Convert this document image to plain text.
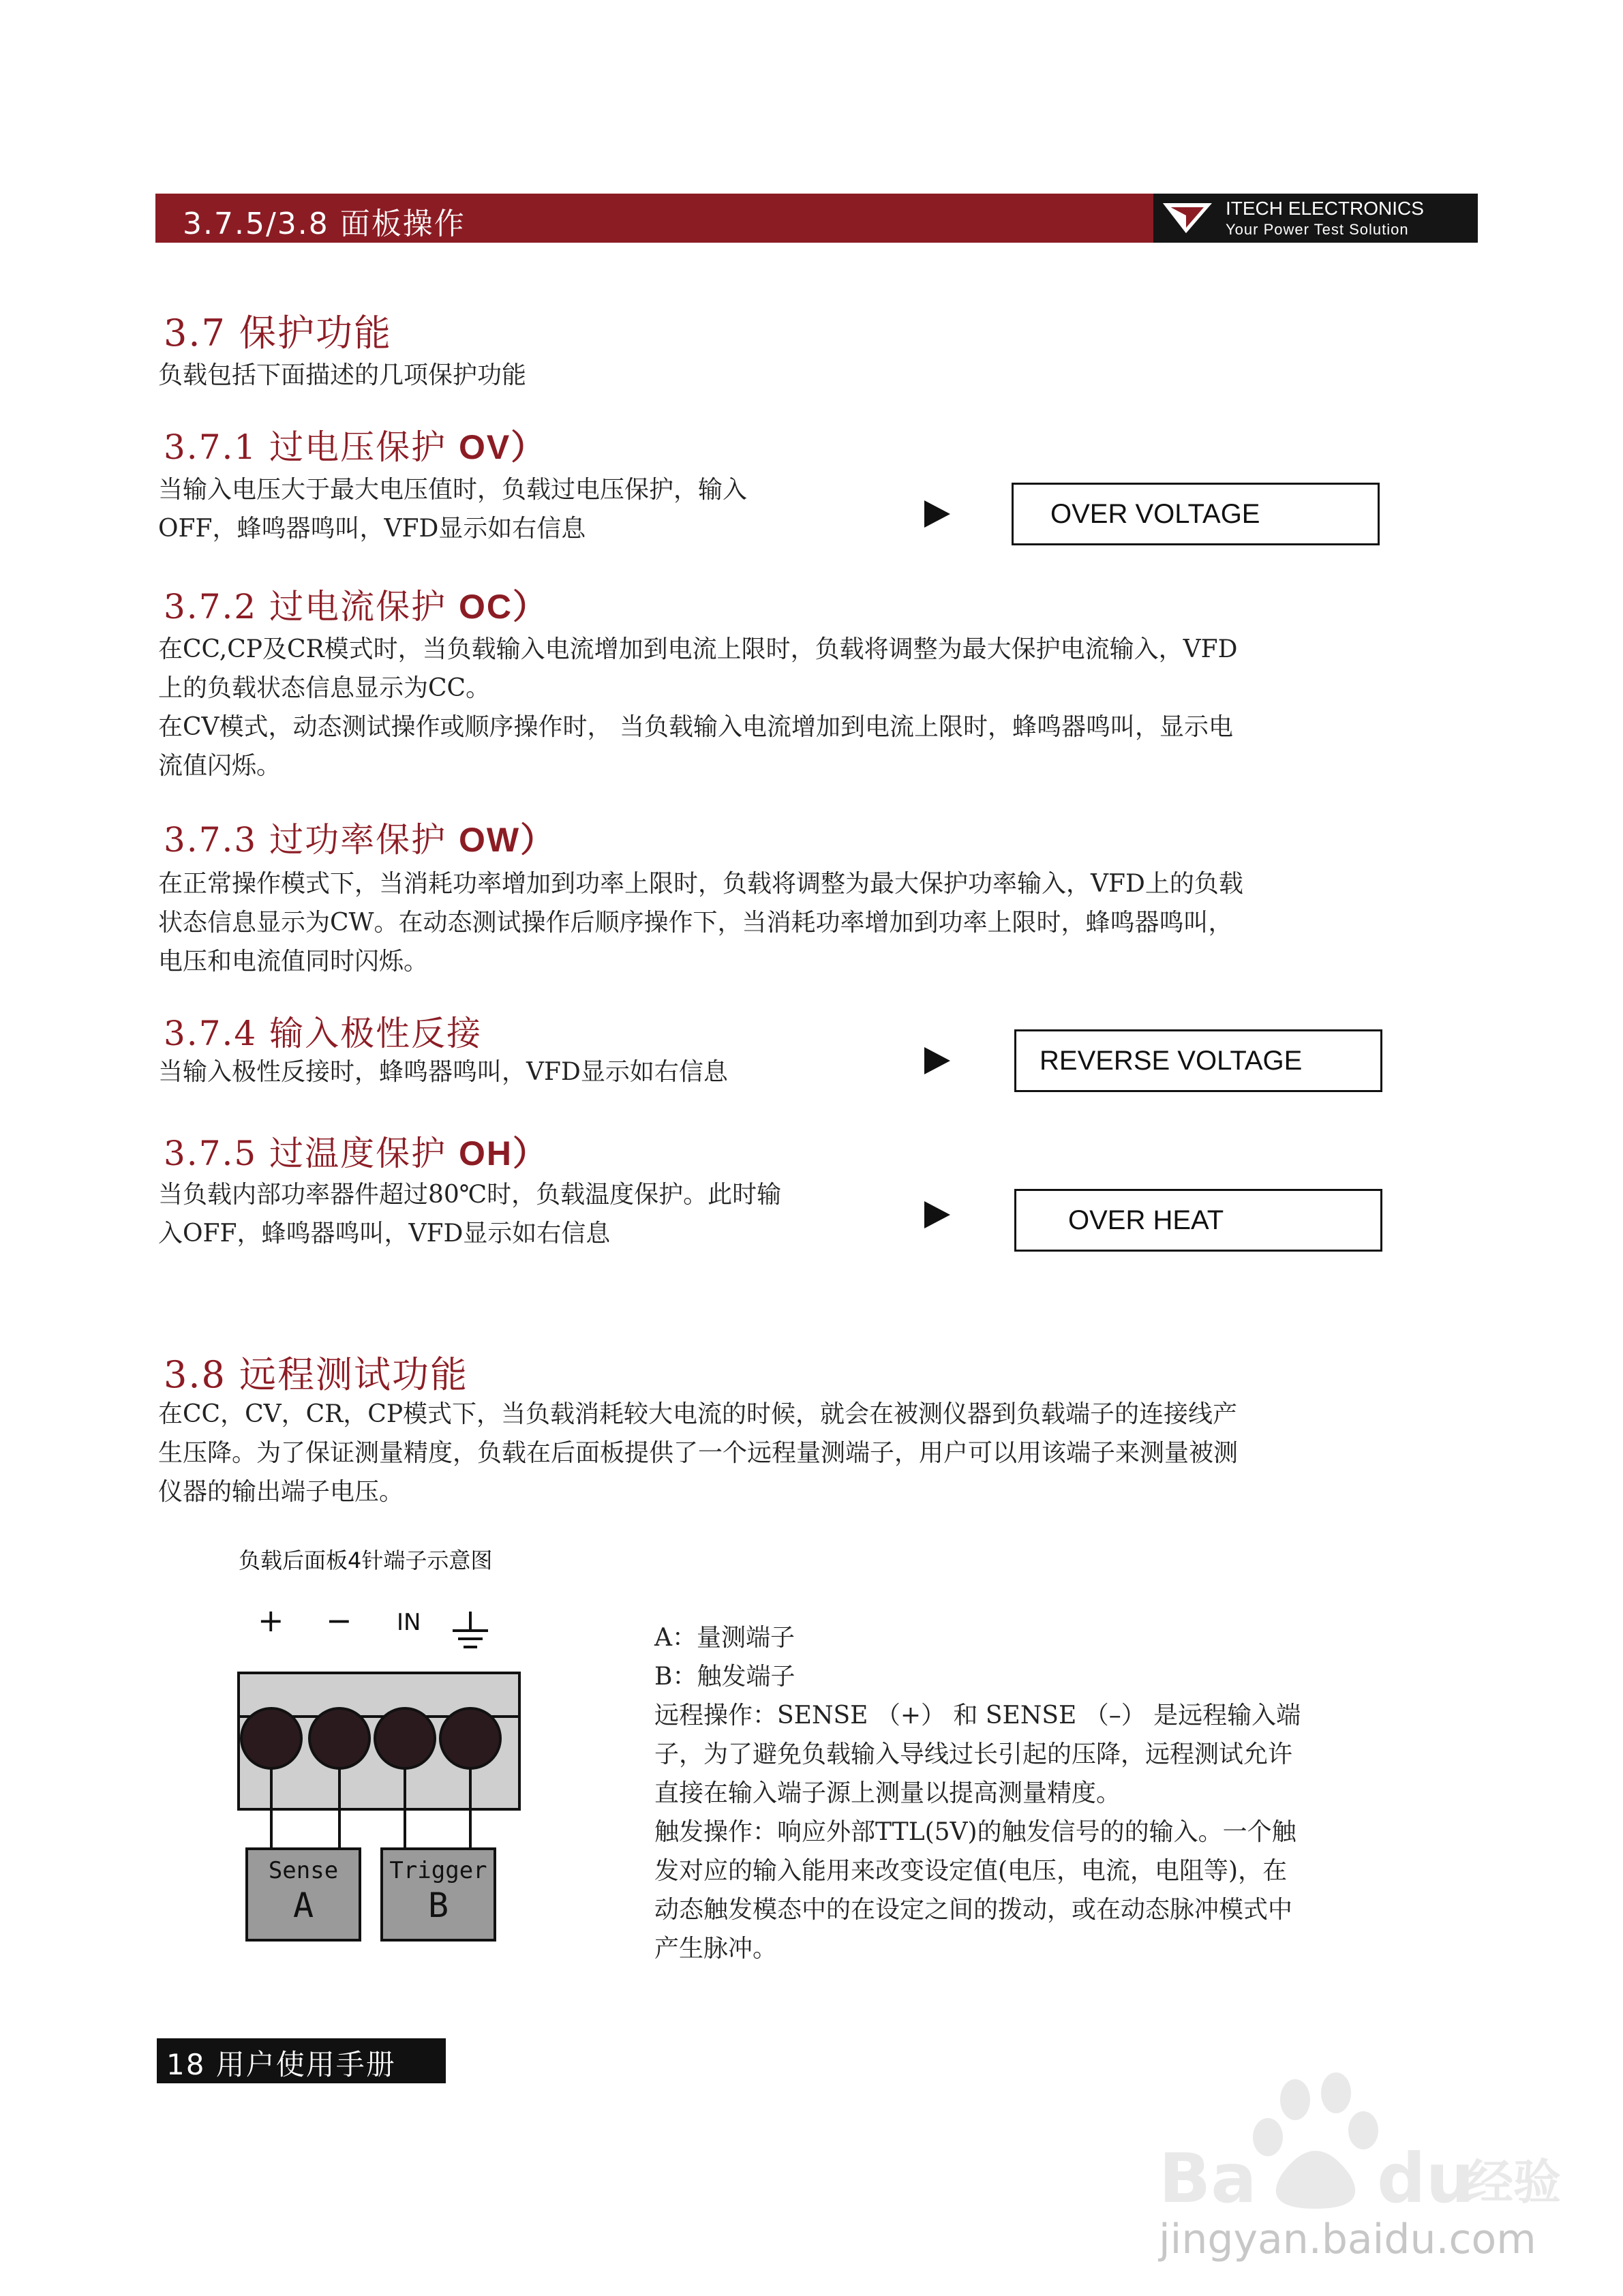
3.7.5/3.8 面板操作	ITECH ELECTRONICS
Your Power Test Solution
3.7 保护功能
负载包括下面描述的几项保护功能
3.7.1 过电压保护 OV）
当输入电压大于最大电压值时，负载过电压保护，输入
OFF，蜂鸣器鸣叫，VFD显示如右信息	OVER VOLTAGE
3.7.2 过电流保护 OC）
在CC,CP及CR模式时，当负载输入电流增加到电流上限时，负载将调整为最大保护电流输入，VFD
上的负载状态信息显示为CC。
在CV模式，动态测试操作或顺序操作时， 当负载输入电流增加到电流上限时，蜂鸣器鸣叫，显示电
流值闪烁。
3.7.3 过功率保护 OW）
在正常操作模式下，当消耗功率增加到功率上限时，负载将调整为最大保护功率输入，VFD上的负载
状态信息显示为CW。在动态测试操作后顺序操作下，当消耗功率增加到功率上限时，蜂鸣器鸣叫，
电压和电流值同时闪烁。
3.7.4 输入极性反接
当输入极性反接时，蜂鸣器鸣叫，VFD显示如右信息	REVERSE VOLTAGE
3.7.5 过温度保护 OH）
当负载内部功率器件超过80℃时，负载温度保护。此时输
入OFF，蜂鸣器鸣叫，VFD显示如右信息	OVER HEAT
3.8 远程测试功能
在CC，CV，CR，CP模式下，当负载消耗较大电流的时候，就会在被测仪器到负载端子的连接线产
生压降。为了保证测量精度，负载在后面板提供了一个远程量测端子，用户可以用该端子来测量被测
仪器的输出端子电压。
负载后面板4针端子示意图
+ − IN
Sense
A
Trigger
B
A：量测端子
B：触发端子
远程操作：SENSE （+） 和 SENSE （–） 是远程输入端
子，为了避免负载输入导线过长引起的压降，远程测试允许
直接在输入端子源上测量以提高测量精度。
触发操作：响应外部TTL(5V)的触发信号的的输入。一个触
发对应的输入能用来改变设定值(电压，电流，电阻等)，在
动态触发模态中的在设定之间的拨动，或在动态脉冲模式中
产生脉冲。
18 用户使用手册
Ba du
经验
jingyan.baidu.com
